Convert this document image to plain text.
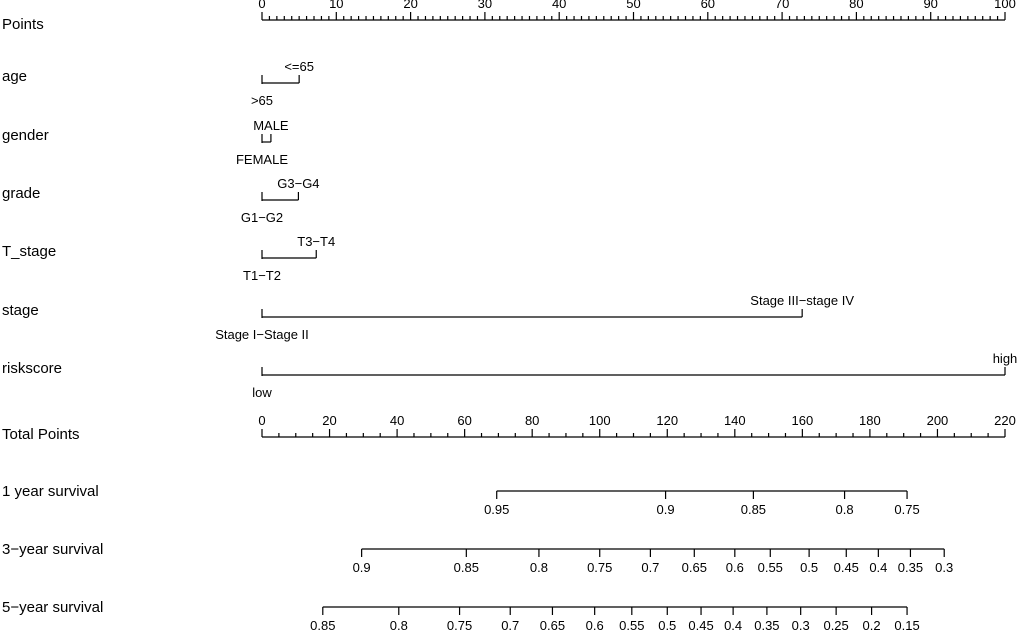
Points
0	10	20	30	40	50	60	70	80	90	100
age
<=65
>65
gender
MALE
FEMALE
grade
G3−G4
G1−G2
T_stage
T3−T4
T1−T2
stage
Stage III−stage IV
Stage I−Stage II
riskscore
high
low
Total Points
0	20	40	60	80	100	120	140	160	180	200	220
1 year survival
0.95	0.9	0.85	0.8	0.75
3−year survival
0.9	0.85	0.8	0.75 0.7 0.65 0.6 0.55 0.5 0.45 0.4 0.35 0.3
5−year survival
0.85	0.8	0.75 0.7 0.65 0.6 0.55 0.5 0.45 0.4 0.35 0.3 0.25 0.2 0.15
